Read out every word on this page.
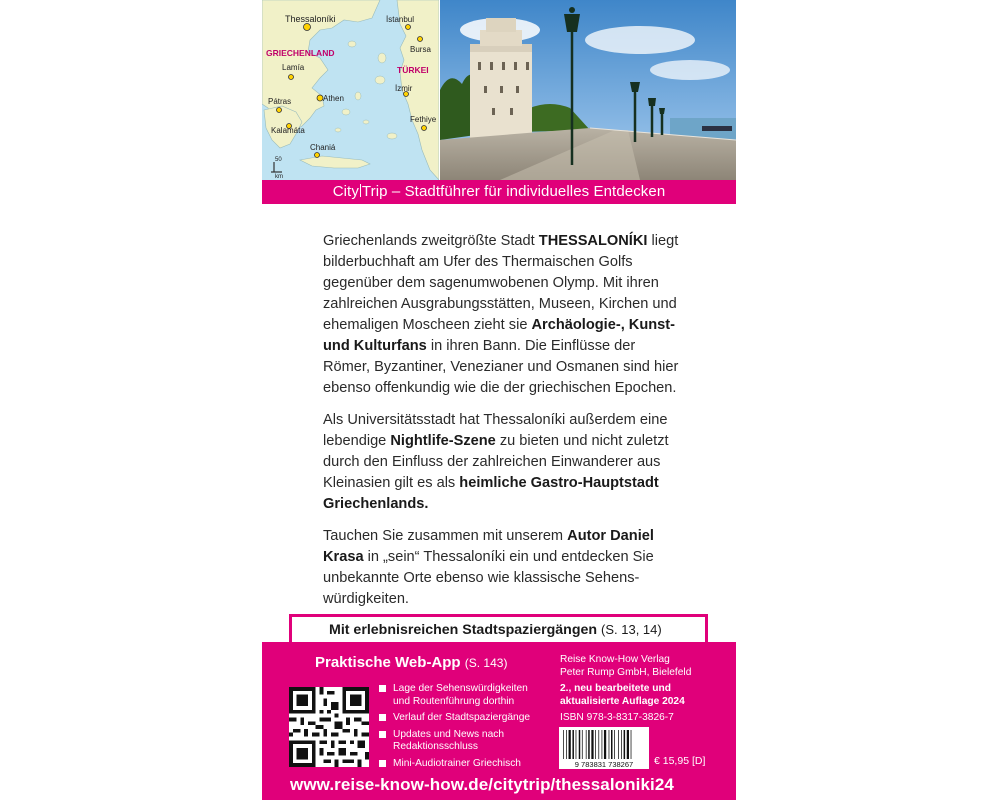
Thessaloníki	İstanbul
Bursa
GRIECHENLAND
TÜRKEI
Lamía
İzmir
Pátras	Athen
Kalamáta
Fethiye
Chaniá
50
km
City Trip – Stadtführer für individuelles Entdecken

Griechenlands zweitgrößte Stadt THESSALONÍKI liegt bilderbuchhaft am Ufer des Thermaischen Golfs gegenüber dem sagenumwobenen Olymp. Mit ihren zahlreichen Ausgrabungsstätten, Museen, Kirchen und ehemaligen Moscheen zieht sie Archäologie-, Kunst- und Kulturfans in ihren Bann. Die Einflüsse der Römer, Byzantiner, Venezianer und Osmanen sind hier ebenso offenkundig wie die der griechischen Epochen.

Als Universitätsstadt hat Thessaloníki außerdem eine lebendige Nightlife-Szene zu bieten und nicht zuletzt durch den Einfluss der zahlreichen Einwanderer aus Kleinasien gilt es als heimliche Gastro-Hauptstadt Griechenlands.

Tauchen Sie zusammen mit unserem Autor Daniel Krasa in „sein“ Thessaloníki ein und entdecken Sie unbekannte Orte ebenso wie klassische Sehenswürdigkeiten.

Mit erlebnisreichen Stadtspaziergängen (S. 13, 14)
Praktische Web-App (S. 143)
Lage der Sehenswürdigkeiten und Routenführung dorthin
Verlauf der Stadtspaziergänge
Updates und News nach Redaktionsschluss
Mini-Audiotrainer Griechisch
Reise Know-How Verlag
Peter Rump GmbH, Bielefeld
2., neu bearbeitete und aktualisierte Auflage 2024
ISBN 978-3-8317-3826-7
9 783831 738267 € 15,95 [D]
www.reise-know-how.de/citytrip/thessaloniki24
